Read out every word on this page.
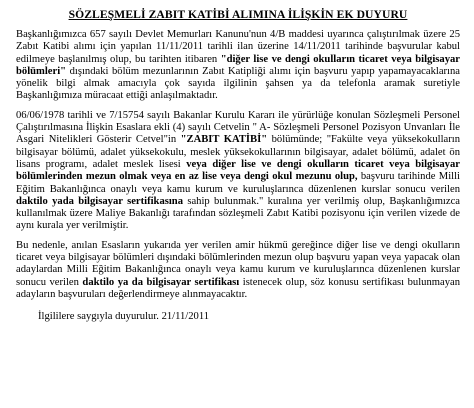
SÖZLEŞMELİ ZABIT KATİBİ ALIMINA İLİŞKİN EK DUYURU

Başkanlığımızca 657 sayılı Devlet Memurları Kanunu'nun 4/B maddesi uyarınca çalıştırılmak üzere 25 Zabıt Katibi alımı için yapılan 11/11/2011 tarihli ilan üzerine 14/11/2011 tarihinde başvurular kabul edilmeye başlanılmış olup, bu tarihten itibaren "diğer lise ve dengi okulların ticaret veya bilgisayar bölümleri" dışındaki bölüm mezunlarının Zabıt Katipliği alımı için başvuru yapıp yapamayacaklarına yönelik bilgi almak amacıyla çok sayıda ilgilinin şahsen ya da telefonla aramak suretiyle Başkanlığımıza müracaat ettiği anlaşılmaktadır.

06/06/1978 tarihli ve 7/15754 sayılı Bakanlar Kurulu Kararı ile yürürlüğe konulan Sözleşmeli Personel Çalıştırılmasına İlişkin Esaslara ekli (4) sayılı Cetvelin " A- Sözleşmeli Personel Pozisyon Unvanları İle Asgari Nitelikleri Gösterir Cetvel"in "ZABIT KATİBİ" bölümünde; "Fakülte veya yüksekokulların bilgisayar bölümü, adalet yüksekokulu, meslek yüksekokullarının bilgisayar, adalet bölümü, adalet ön lisans programı, adalet meslek lisesi veya diğer lise ve dengi okulların ticaret veya bilgisayar bölümlerinden mezun olmak veya en az lise veya dengi okul mezunu olup, başvuru tarihinde Milli Eğitim Bakanlığınca onaylı veya kamu kurum ve kuruluşlarınca düzenlenen kurslar sonucu verilen daktilo yada bilgisayar sertifikasına sahip bulunmak." kuralına yer verilmiş olup, Başkanlığımızca kullanılmak üzere Maliye Bakanlığı tarafından sözleşmeli Zabıt Katibi pozisyonu için verilen vizede de aynı kurala yer verilmiştir.

Bu nedenle, anılan Esasların yukarıda yer verilen amir hükmü gereğince diğer lise ve dengi okulların ticaret veya bilgisayar bölümleri dışındaki bölümlerinden mezun olup başvuru yapan veya yapacak olan adaylardan Milli Eğitim Bakanlığınca onaylı veya kamu kurum ve kuruluşlarınca düzenlenen kurslar sonucu verilen daktilo ya da bilgisayar sertifikası istenecek olup, söz konusu sertifikası bulunmayan adayların başvuruları değerlendirmeye alınmayacaktır.

İlgililere saygıyla duyurulur. 21/11/2011
